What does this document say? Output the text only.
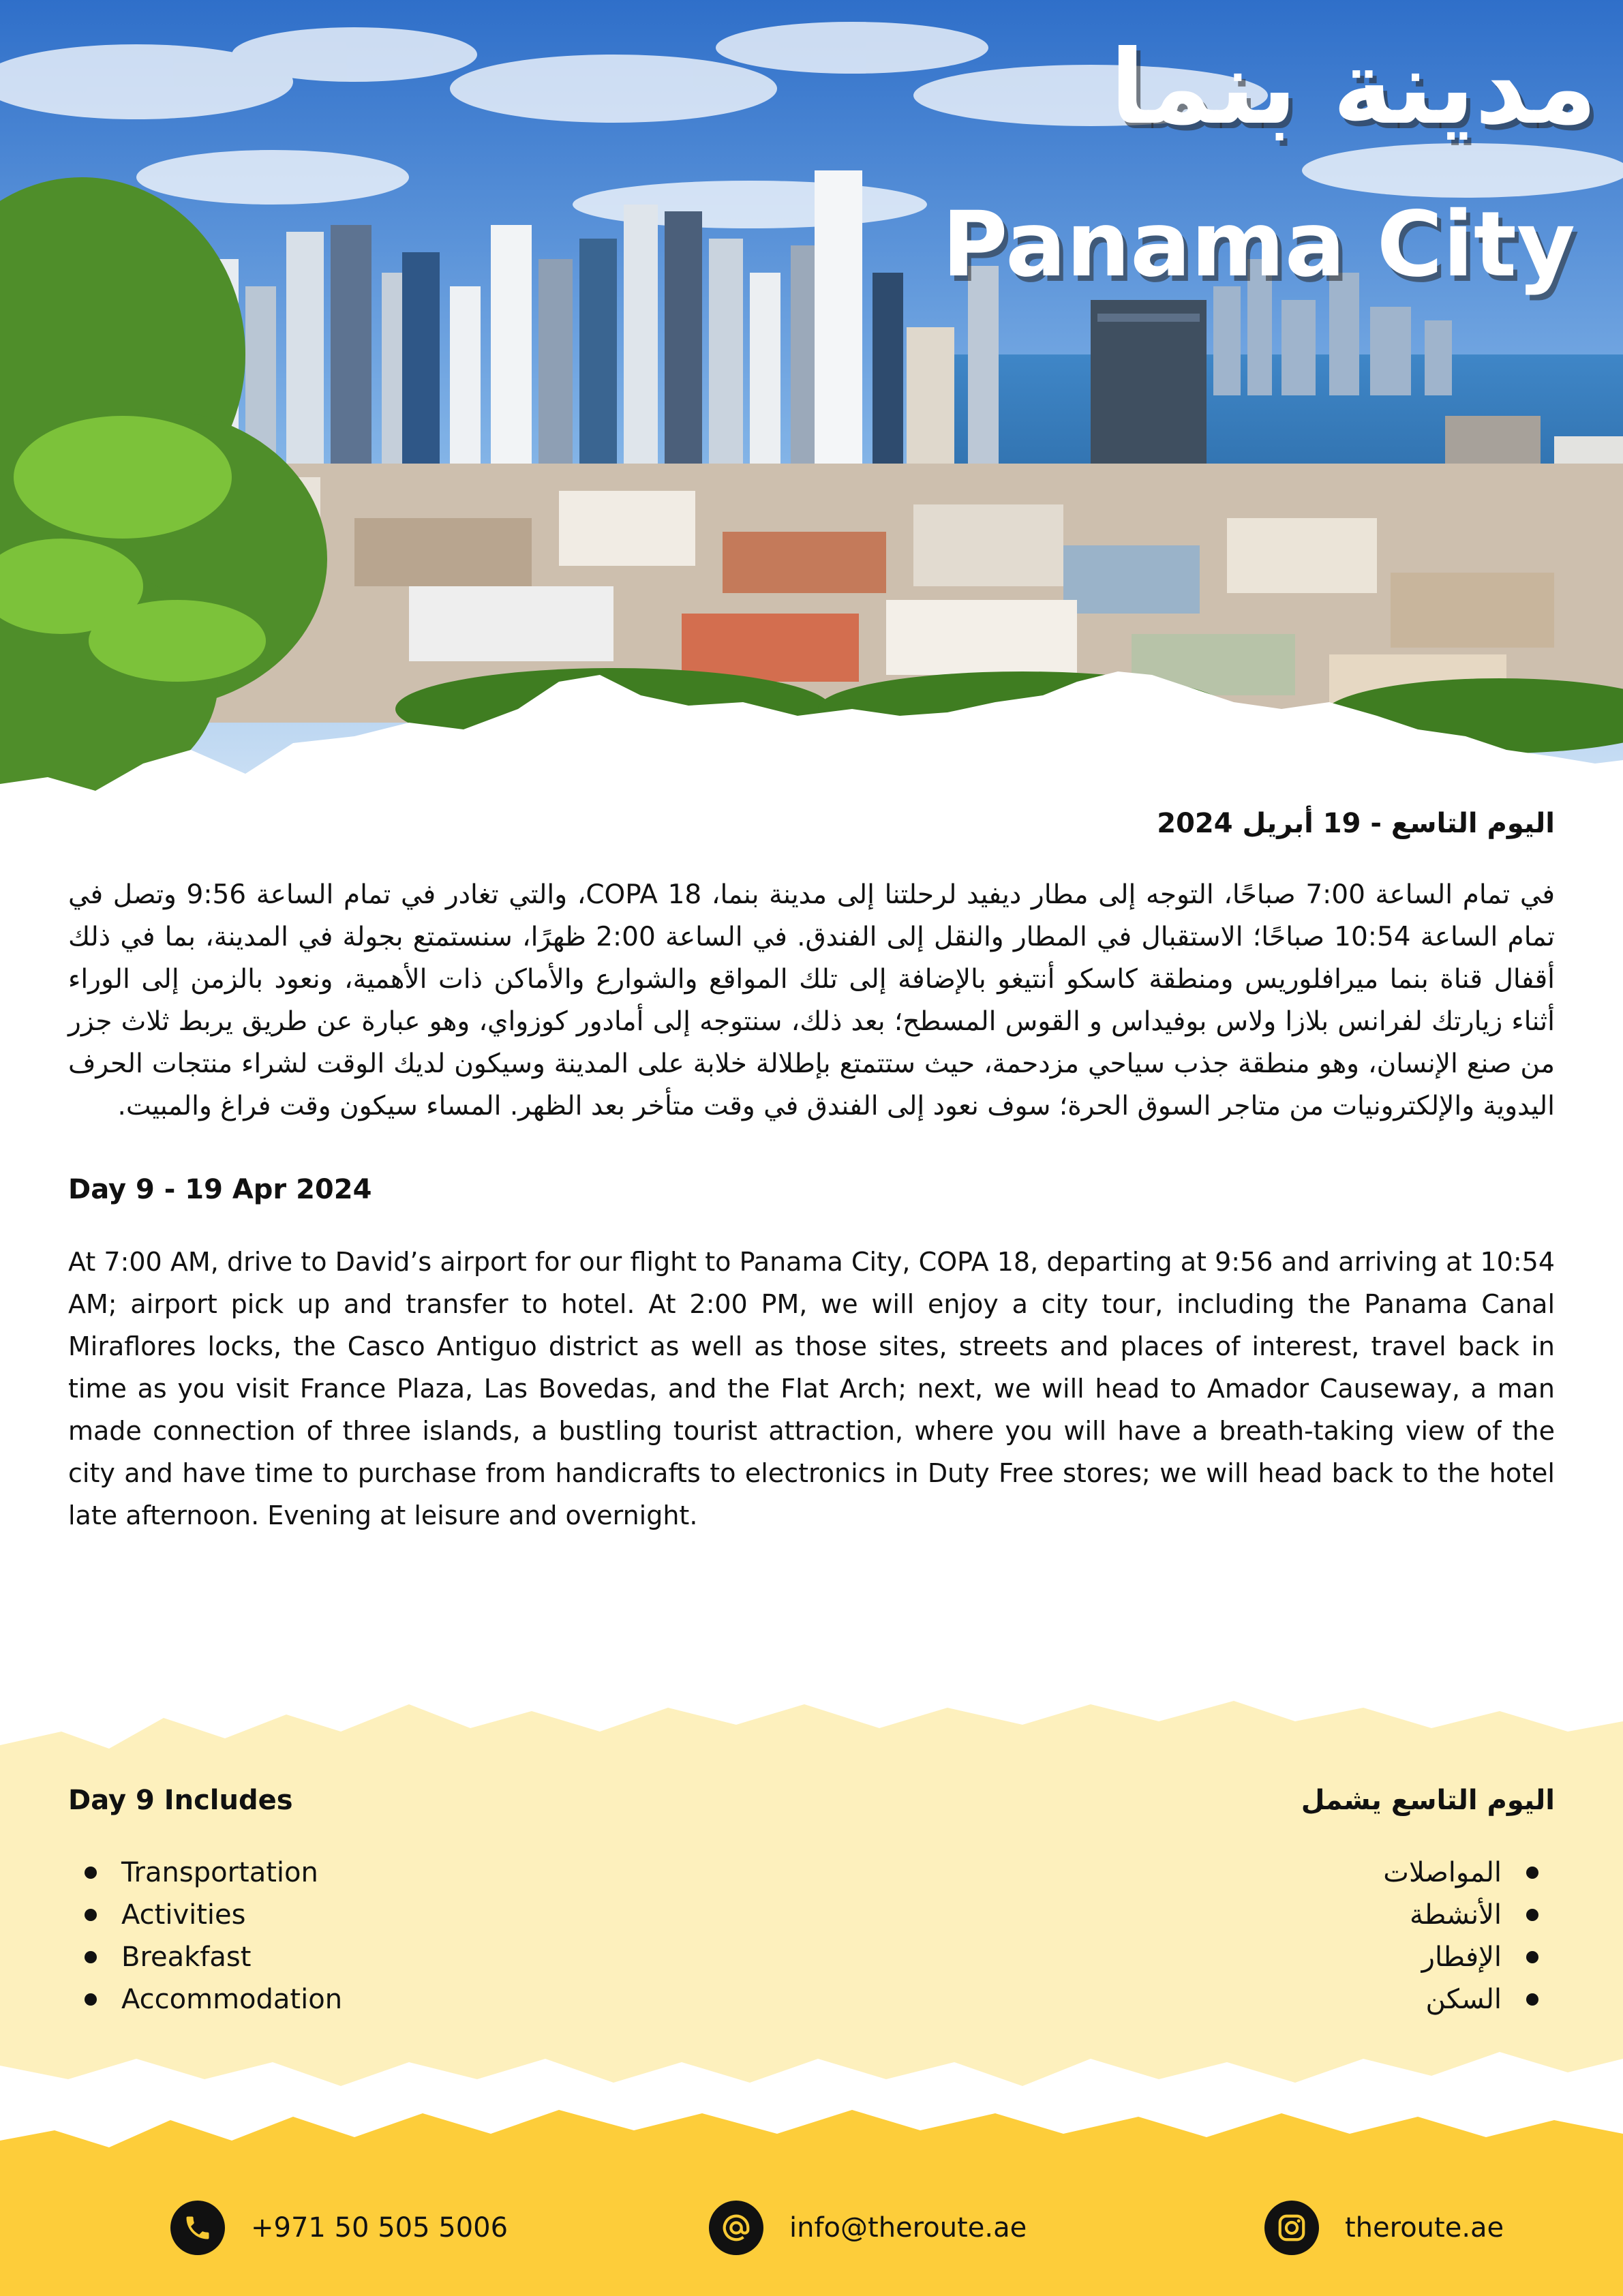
مدينة بنما
Panama City
اليوم التاسع - 19 أبريل 2024

في تمام الساعة 7:00 صباحًا، التوجه إلى مطار ديفيد لرحلتنا إلى مدينة بنما، COPA 18، والتي تغادر في تمام الساعة 9:56 وتصل في تمام الساعة 10:54 صباحًا؛ الاستقبال في المطار والنقل إلى الفندق. في الساعة 2:00 ظهرًا، سنستمتع بجولة في المدينة، بما في ذلك أقفال قناة بنما ميرافلوريس ومنطقة كاسكو أنتيغو بالإضافة إلى تلك المواقع والشوارع والأماكن ذات الأهمية، ونعود بالزمن إلى الوراء أثناء زيارتك لفرانس بلازا ولاس بوفيداس و القوس المسطح؛ بعد ذلك، سنتوجه إلى أمادور كوزواي، وهو عبارة عن طريق يربط ثلاث جزر من صنع الإنسان، وهو منطقة جذب سياحي مزدحمة، حيث ستتمتع بإطلالة خلابة على المدينة وسيكون لديك الوقت لشراء منتجات الحرف اليدوية والإلكترونيات من متاجر السوق الحرة؛ سوف نعود إلى الفندق في وقت متأخر بعد الظهر. المساء سيكون وقت فراغ والمبيت.

Day 9 - 19 Apr 2024

At 7:00 AM, drive to David’s airport for our flight to Panama City, COPA 18, departing at 9:56 and arriving at 10:54 AM; airport pick up and transfer to hotel. At 2:00 PM, we will enjoy a city tour, including the Panama Canal Miraflores locks, the Casco Antiguo district as well as those sites, streets and places of interest, travel back in time as you visit France Plaza, Las Bovedas, and the Flat Arch; next, we will head to Amador Causeway, a man made connection of three islands, a bustling tourist attraction, where you will have a breath-taking view of the city and have time to purchase from handicrafts to electronics in Duty Free stores; we will head back to the hotel late afternoon. Evening at leisure and overnight.

Day 9 Includes
Transportation
Activities
Breakfast
Accommodation
اليوم التاسع يشمل
المواصلات
الأنشطة
الإفطار
السكن
+971 50 505 5006	info@theroute.ae	theroute.ae
